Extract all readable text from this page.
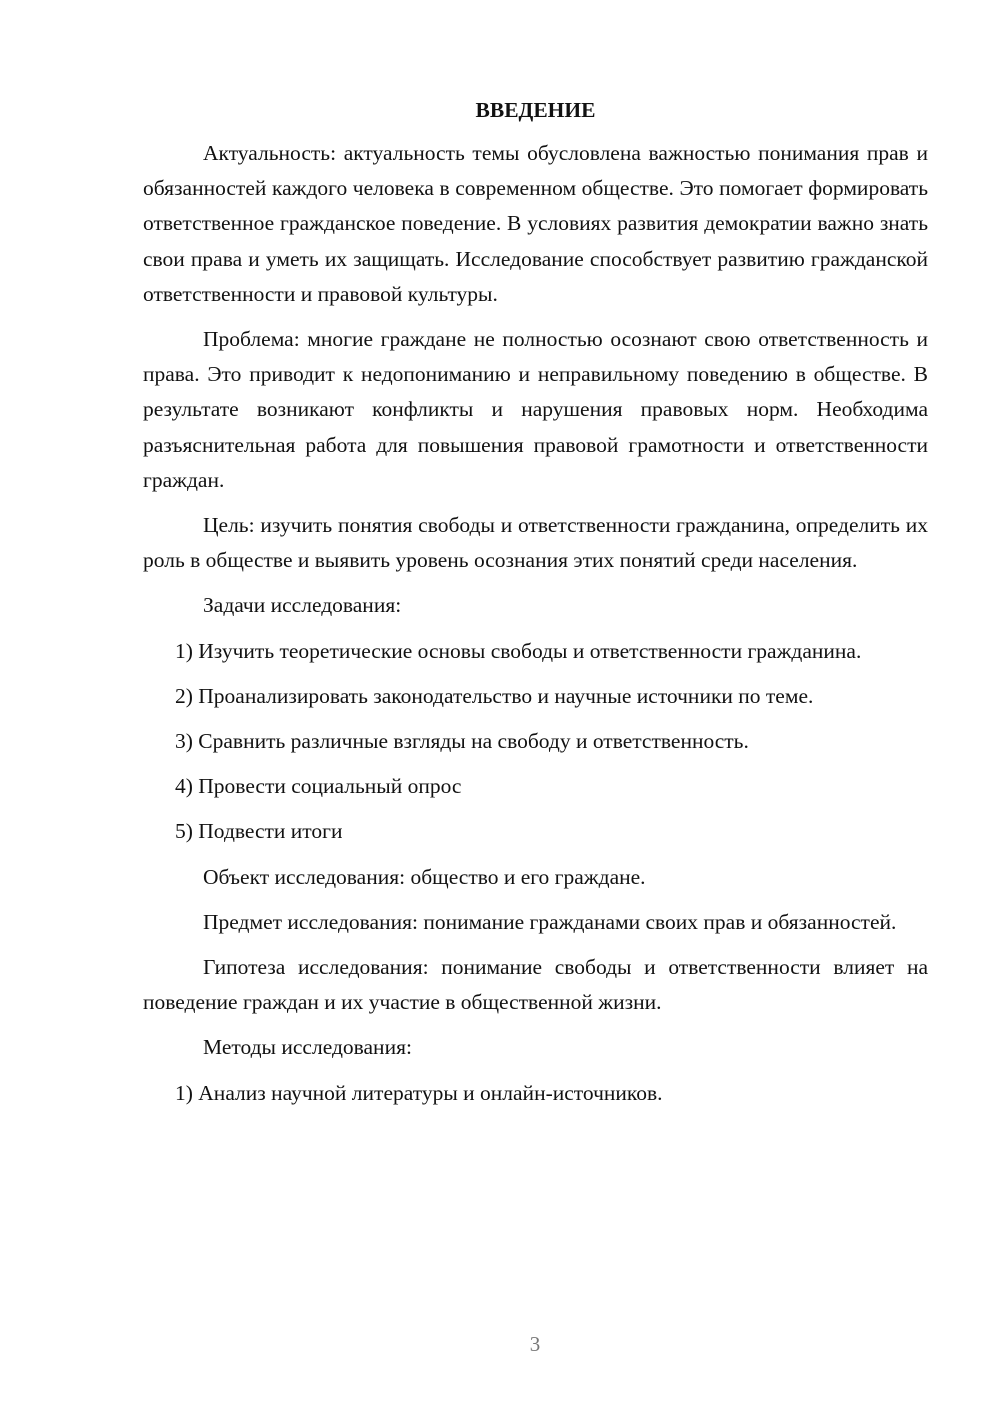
ВВЕДЕНИЕ
Актуальность: актуальность темы обусловлена важностью понимания прав и обязанностей каждого человека в современном обществе. Это помогает формировать ответственное гражданское поведение. В условиях развития демократии важно знать свои права и уметь их защищать. Исследование способствует развитию гражданской ответственности и правовой культуры.
Проблема: многие граждане не полностью осознают свою ответственность и права. Это приводит к недопониманию и неправильному поведению в обществе. В результате возникают конфликты и нарушения правовых норм. Необходима разъяснительная работа для повышения правовой грамотности и ответственности граждан.
Цель: изучить понятия свободы и ответственности гражданина, определить их роль в обществе и выявить уровень осознания этих понятий среди населения.
Задачи исследования:
1) Изучить теоретические основы свободы и ответственности гражданина.
2) Проанализировать законодательство и научные источники по теме.
3) Сравнить различные взгляды на свободу и ответственность.
4) Провести социальный опрос
5) Подвести итоги
Объект исследования: общество и его граждане.
Предмет исследования: понимание гражданами своих прав и обязанностей.
Гипотеза исследования: понимание свободы и ответственности влияет на поведение граждан и их участие в общественной жизни.
Методы исследования:
1) Анализ научной литературы и онлайн-источников.
3
